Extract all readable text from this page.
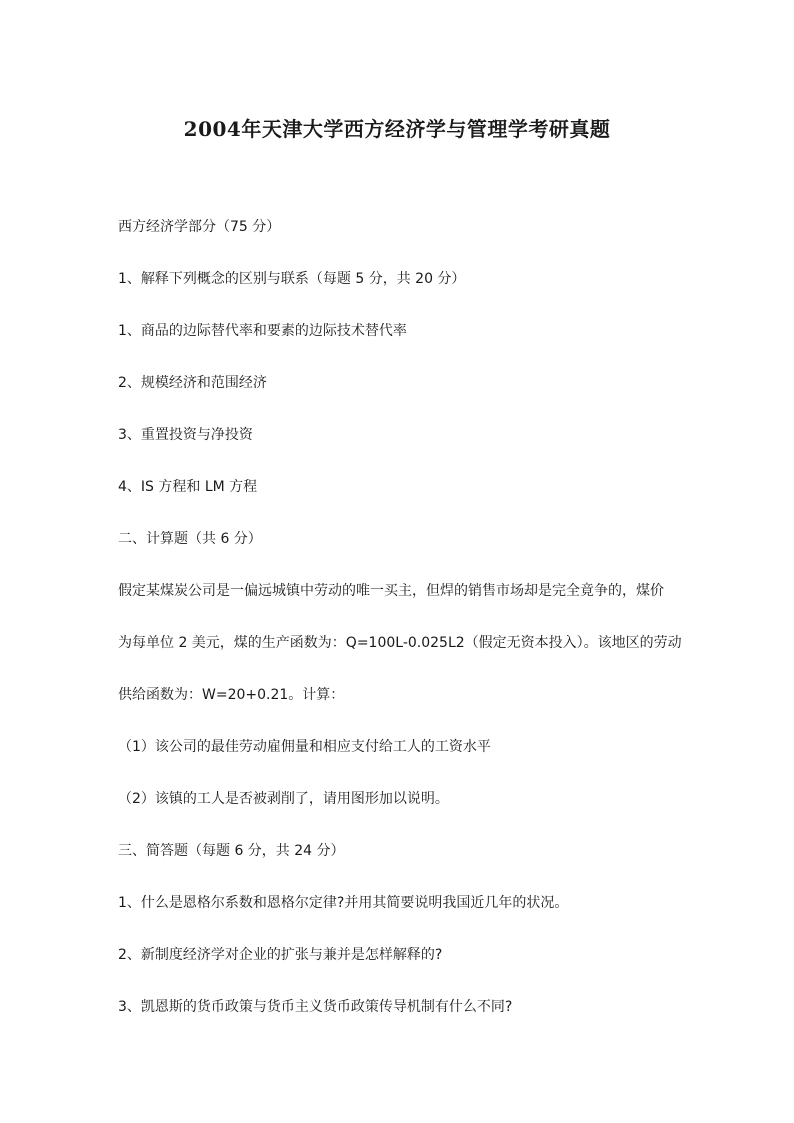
2004年天津大学西方经济学与管理学考研真题
西方经济学部分（75 分）
1、解释下列概念的区别与联系（每题 5 分，共 20 分）
1、商品的边际替代率和要素的边际技术替代率
2、规模经济和范围经济
3、重置投资与净投资
4、IS 方程和 LM 方程
二、计算题（共 6 分）
假定某煤炭公司是一偏远城镇中劳动的唯一买主，但焊的销售市场却是完全竟争的，煤价
为每单位 2 美元，煤的生产函数为：Q=100L-0.025L2（假定无资本投入）。该地区的劳动
供给函数为：W=20+0.21。计算：
（1）该公司的最佳劳动雇佣量和相应支付给工人的工资水平
（2）该镇的工人是否被剥削了，请用图形加以说明。
三、简答题（每题 6 分，共 24 分）
1、什么是恩格尔系数和恩格尔定律?并用其简要说明我国近几年的状况。
2、新制度经济学对企业的扩张与兼并是怎样解释的?
3、凯恩斯的货币政策与货币主义货币政策传导机制有什么不同?
